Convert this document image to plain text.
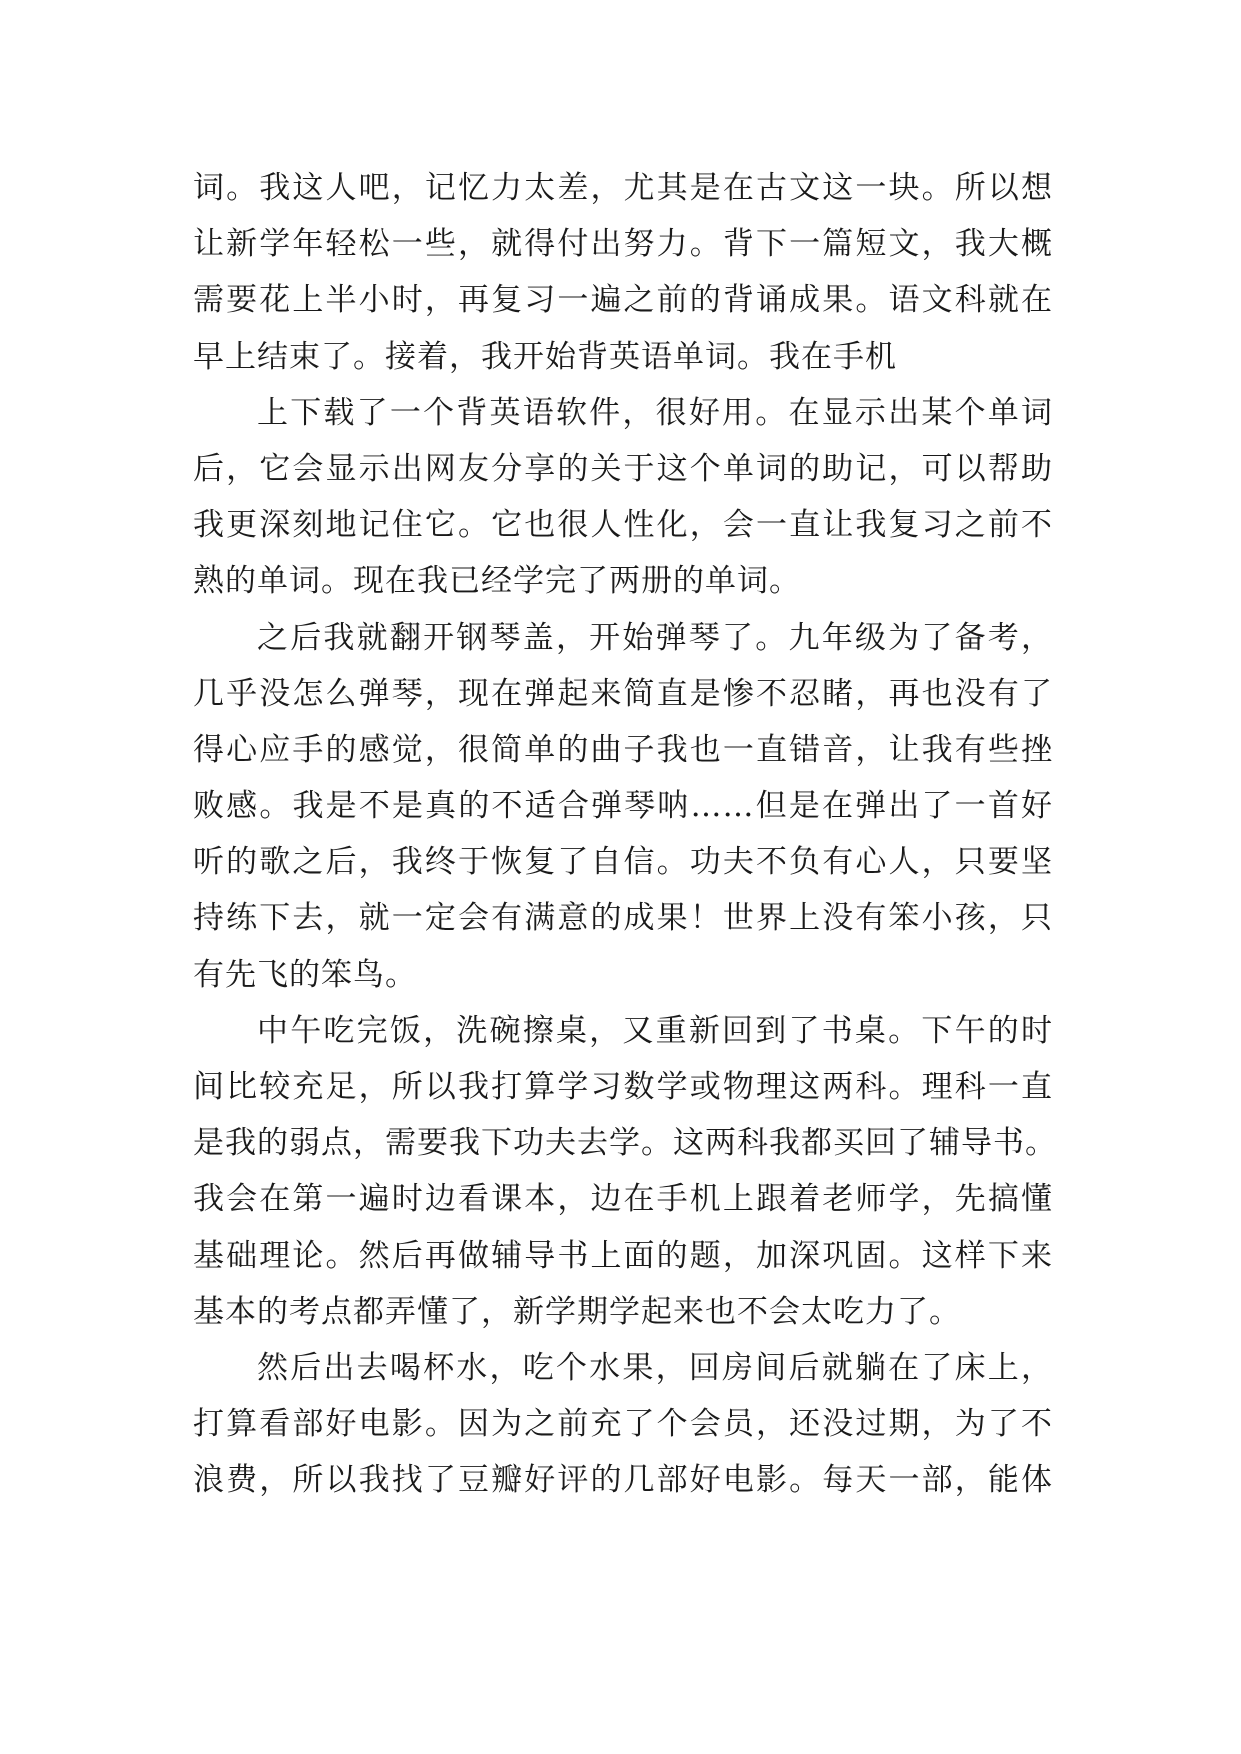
词。我这人吧，记忆力太差，尤其是在古文这一块。所以想
让新学年轻松一些，就得付出努力。背下一篇短文，我大概
需要花上半小时，再复习一遍之前的背诵成果。语文科就在
早上结束了。接着，我开始背英语单词。我在手机
上下载了一个背英语软件，很好用。在显示出某个单词
后，它会显示出网友分享的关于这个单词的助记，可以帮助
我更深刻地记住它。它也很人性化，会一直让我复习之前不
熟的单词。现在我已经学完了两册的单词。
之后我就翻开钢琴盖，开始弹琴了。九年级为了备考，
几乎没怎么弹琴，现在弹起来简直是惨不忍睹，再也没有了
得心应手的感觉，很简单的曲子我也一直错音，让我有些挫
败感。我是不是真的不适合弹琴呐……但是在弹出了一首好
听的歌之后，我终于恢复了自信。功夫不负有心人，只要坚
持练下去，就一定会有满意的成果！世界上没有笨小孩，只
有先飞的笨鸟。
中午吃完饭，洗碗擦桌，又重新回到了书桌。下午的时
间比较充足，所以我打算学习数学或物理这两科。理科一直
是我的弱点，需要我下功夫去学。这两科我都买回了辅导书。
我会在第一遍时边看课本，边在手机上跟着老师学，先搞懂
基础理论。然后再做辅导书上面的题，加深巩固。这样下来
基本的考点都弄懂了，新学期学起来也不会太吃力了。
然后出去喝杯水，吃个水果，回房间后就躺在了床上，
打算看部好电影。因为之前充了个会员，还没过期，为了不
浪费，所以我找了豆瓣好评的几部好电影。每天一部，能体
